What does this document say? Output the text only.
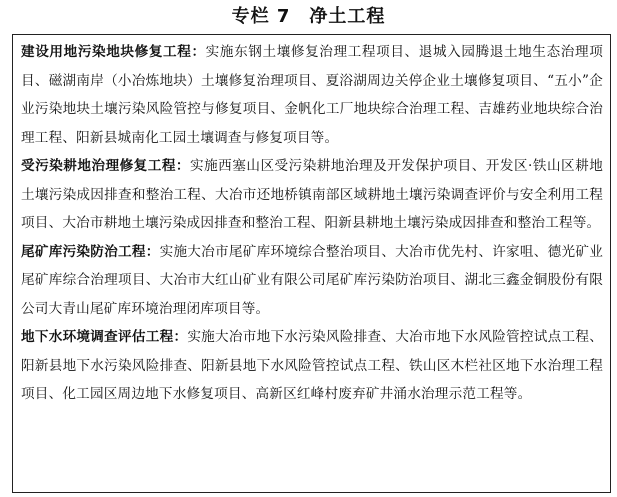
专栏 7　净土工程

建设用地污染地块修复工程：实施东钢土壤修复治理工程项目、退城入园腾退土地生态治理项目、磁湖南岸（小冶炼地块）土壤修复治理项目、夏浴湖周边关停企业土壤修复项目、“五小”企业污染地块土壤污染风险管控与修复项目、金帆化工厂地块综合治理工程、吉雄药业地块综合治理工程、阳新县城南化工园土壤调查与修复项目等。

受污染耕地治理修复工程：实施西塞山区受污染耕地治理及开发保护项目、开发区·铁山区耕地土壤污染成因排查和整治工程、大冶市还地桥镇南部区域耕地土壤污染调查评价与安全利用工程项目、大冶市耕地土壤污染成因排查和整治工程、阳新县耕地土壤污染成因排查和整治工程等。

尾矿库污染防治工程：实施大冶市尾矿库环境综合整治项目、大冶市优先村、许家咀、德光矿业尾矿库综合治理项目、大冶市大红山矿业有限公司尾矿库污染防治项目、湖北三鑫金铜股份有限公司大青山尾矿库环境治理闭库项目等。

地下水环境调查评估工程：实施大冶市地下水污染风险排查、大冶市地下水风险管控试点工程、阳新县地下水污染风险排查、阳新县地下水风险管控试点工程、铁山区木栏社区地下水治理工程项目、化工园区周边地下水修复项目、高新区红峰村废弃矿井涌水治理示范工程等。
